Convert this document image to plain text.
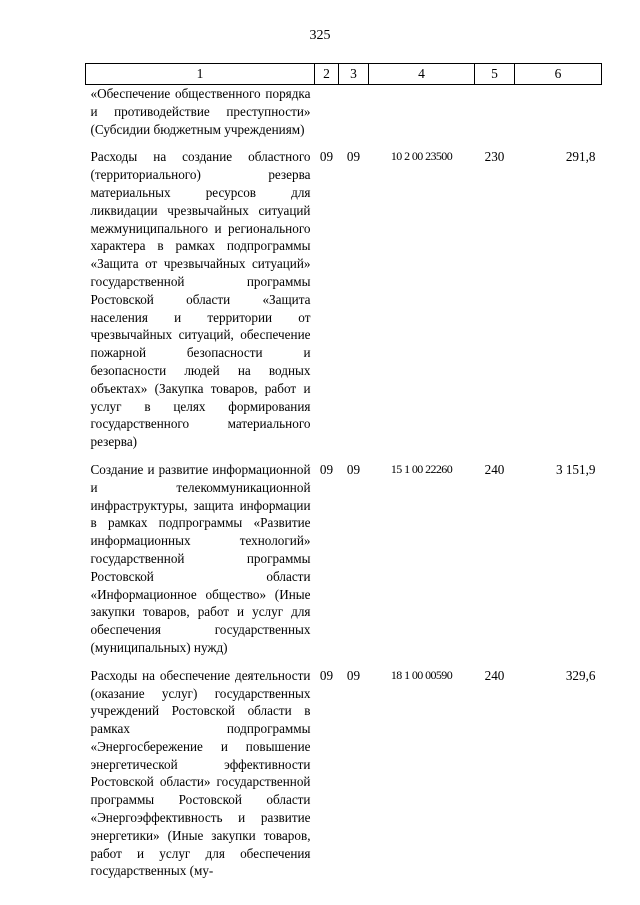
325
1	2	3	4	5	6

«Обеспечение общественного порядка и противодействие преступности» (Субсидии бюджетным учреждениям)					

Расходы на создание областного (территориального) резерва материальных ресурсов для ликвидации чрезвычайных ситуаций межмуниципального и регионального характера в рамках подпрограммы «Защита от чрезвычайных ситуаций» государственной программы Ростовской области «Защита населения и территории от чрезвычайных ситуаций, обеспечение пожарной безопасности и безопасности людей на водных объектах» (Закупка товаров, работ и услуг в целях формирования государственного материального резерва)	09	09	10 2 00 23500	230	291,8

Создание и развитие информационной и телекоммуникационной инфраструктуры, защита информации в рамках подпрограммы «Развитие информационных технологий» государственной программы Ростовской области «Информационное общество» (Иные закупки товаров, работ и услуг для обеспечения государственных (муниципальных) нужд)	09	09	15 1 00 22260	240	3 151,9

Расходы на обеспечение деятельности (оказание услуг) государственных учреждений Ростовской области в рамках подпрограммы «Энергосбережение и повышение энергетической эффективности Ростовской области» государственной программы Ростовской области «Энергоэффективность и развитие энергетики» (Иные закупки товаров, работ и услуг для обеспечения государственных (му-	09	09	18 1 00 00590	240	329,6
